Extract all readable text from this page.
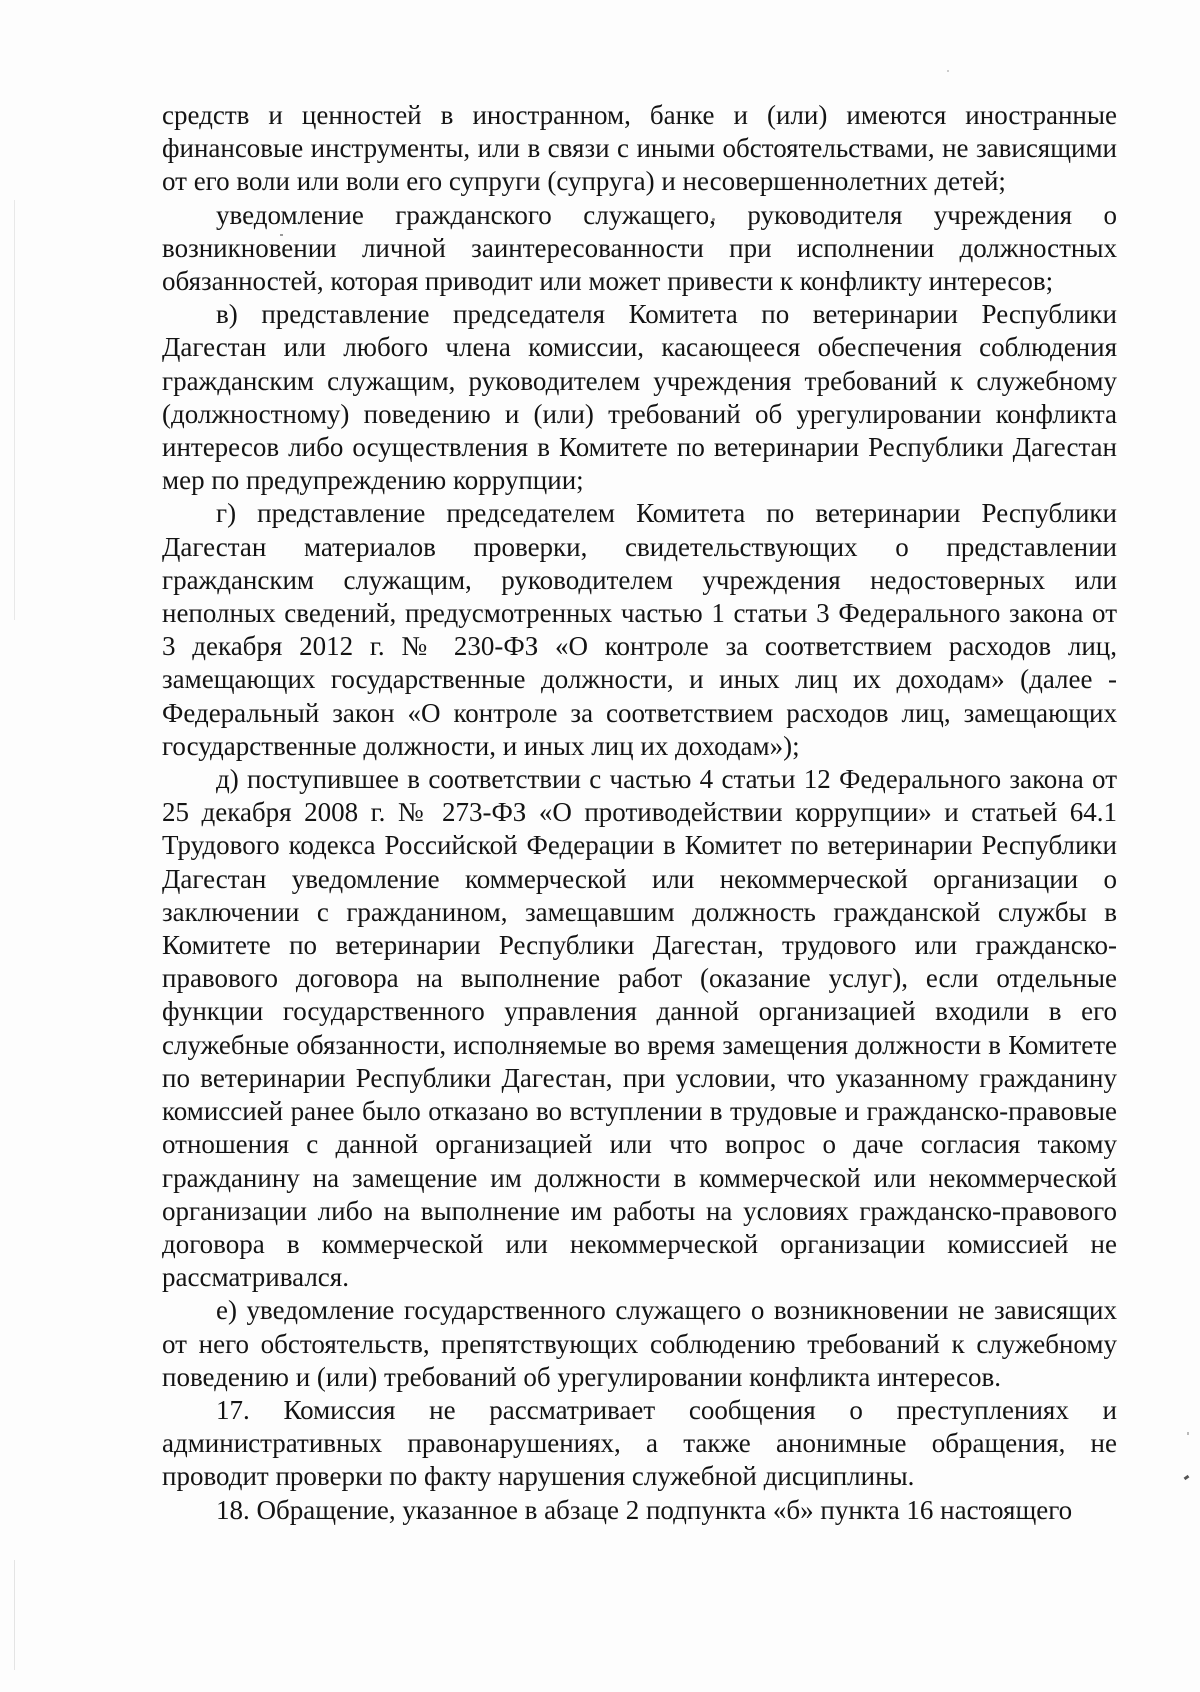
средств и ценностей в иностранном, банке и (или) имеются иностранные финансовые инструменты, или в связи с иными обстоятельствами, не зависящими от его воли или воли его супруги (супруга) и несовершеннолетних детей;

уведомление гражданского служащего, руководителя учреждения о возникновении личной заинтересованности при исполнении должностных обязанностей, которая приводит или может привести к конфликту интересов;

в) представление председателя Комитета по ветеринарии Республики Дагестан или любого члена комиссии, касающееся обеспечения соблюдения гражданским служащим, руководителем учреждения требований к служебному (должностному) поведению и (или) требований об урегулировании конфликта интересов либо осуществления в Комитете по ветеринарии Республики Дагестан мер по предупреждению коррупции;

г) представление председателем Комитета по ветеринарии Республики Дагестан материалов проверки, свидетельствующих о представлении гражданским служащим, руководителем учреждения недостоверных или неполных сведений, предусмотренных частью 1 статьи 3 Федерального закона от 3 декабря 2012 г. № 230-ФЗ «О контроле за соответствием расходов лиц, замещающих государственные должности, и иных лиц их доходам» (далее - Федеральный закон «О контроле за соответствием расходов лиц, замещающих государственные должности, и иных лиц их доходам»);

д) поступившее в соответствии с частью 4 статьи 12 Федерального закона от 25 декабря 2008 г. № 273-ФЗ «О противодействии коррупции» и статьей 64.1 Трудового кодекса Российской Федерации в Комитет по ветеринарии Республики Дагестан уведомление коммерческой или некоммерческой организации о заключении с гражданином, замещавшим должность гражданской службы в Комитете по ветеринарии Республики Дагестан, трудового или гражданско-правового договора на выполнение работ (оказание услуг), если отдельные функции государственного управления данной организацией входили в его служебные обязанности, исполняемые во время замещения должности в Комитете по ветеринарии Республики Дагестан, при условии, что указанному гражданину комиссией ранее было отказано во вступлении в трудовые и гражданско-правовые отношения с данной организацией или что вопрос о даче согласия такому гражданину на замещение им должности в коммерческой или некоммерческой организации либо на выполнение им работы на условиях гражданско-правового договора в коммерческой или некоммерческой организации комиссией не рассматривался.

е) уведомление государственного служащего о возникновении не зависящих от него обстоятельств, препятствующих соблюдению требований к служебному поведению и (или) требований об урегулировании конфликта интересов.

17. Комиссия не рассматривает сообщения о преступлениях и административных правонарушениях, а также анонимные обращения, не проводит проверки по факту нарушения служебной дисциплины.

18. Обращение, указанное в абзаце 2 подпункта «б» пункта 16 настоящего
